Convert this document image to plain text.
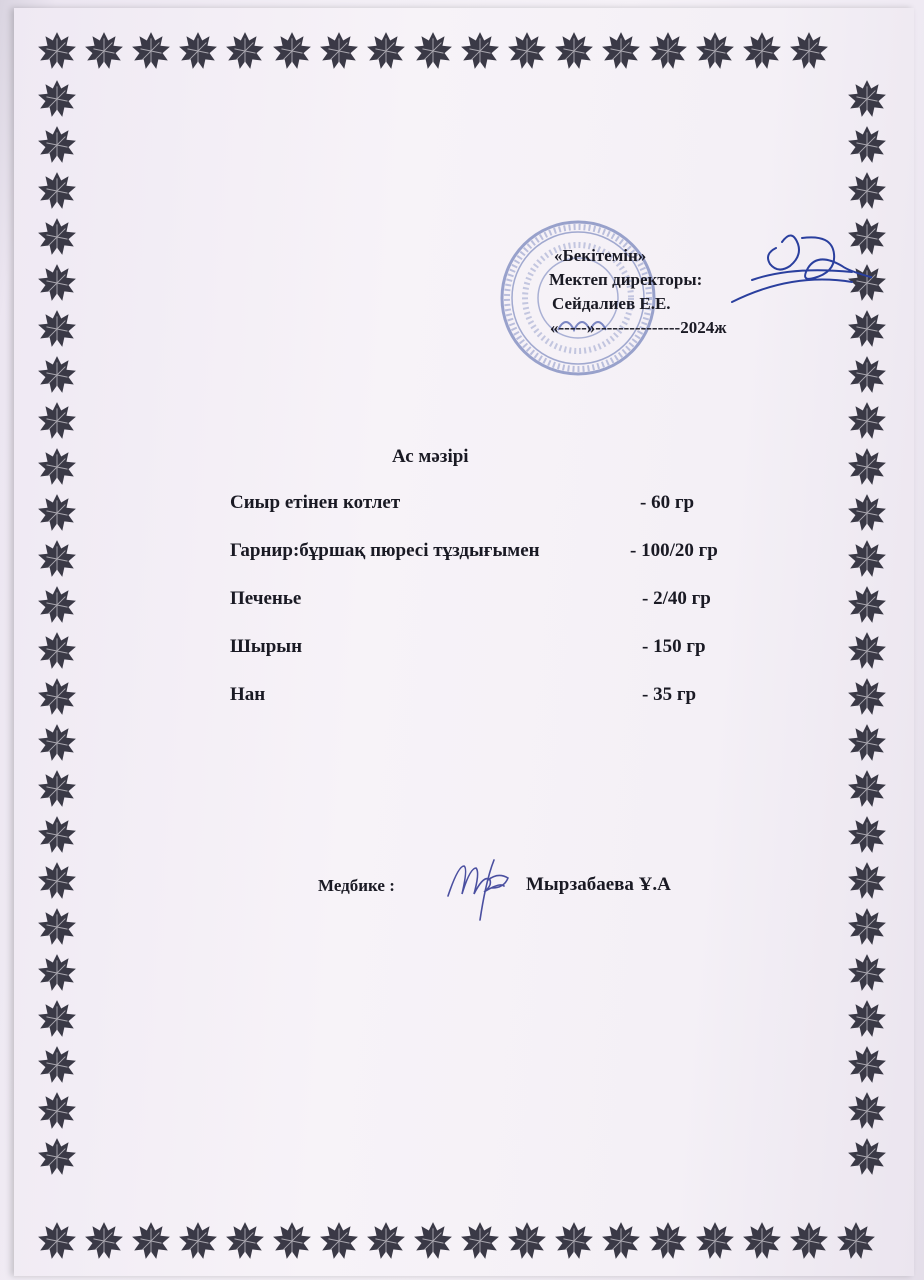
«Бекітемін»
Мектеп директоры:
Сейдалиев Е.Е.
«-----»---------------2024ж
Ас мәзірі
Сиыр етінен котлет	- 60 гр
Гарнир:бұршақ пюресі тұздығымен	- 100/20 гр
Печенье	- 2/40 гр
Шырын	- 150 гр
Нан	- 35 гр
Медбике :	Мырзабаева Ұ.А
